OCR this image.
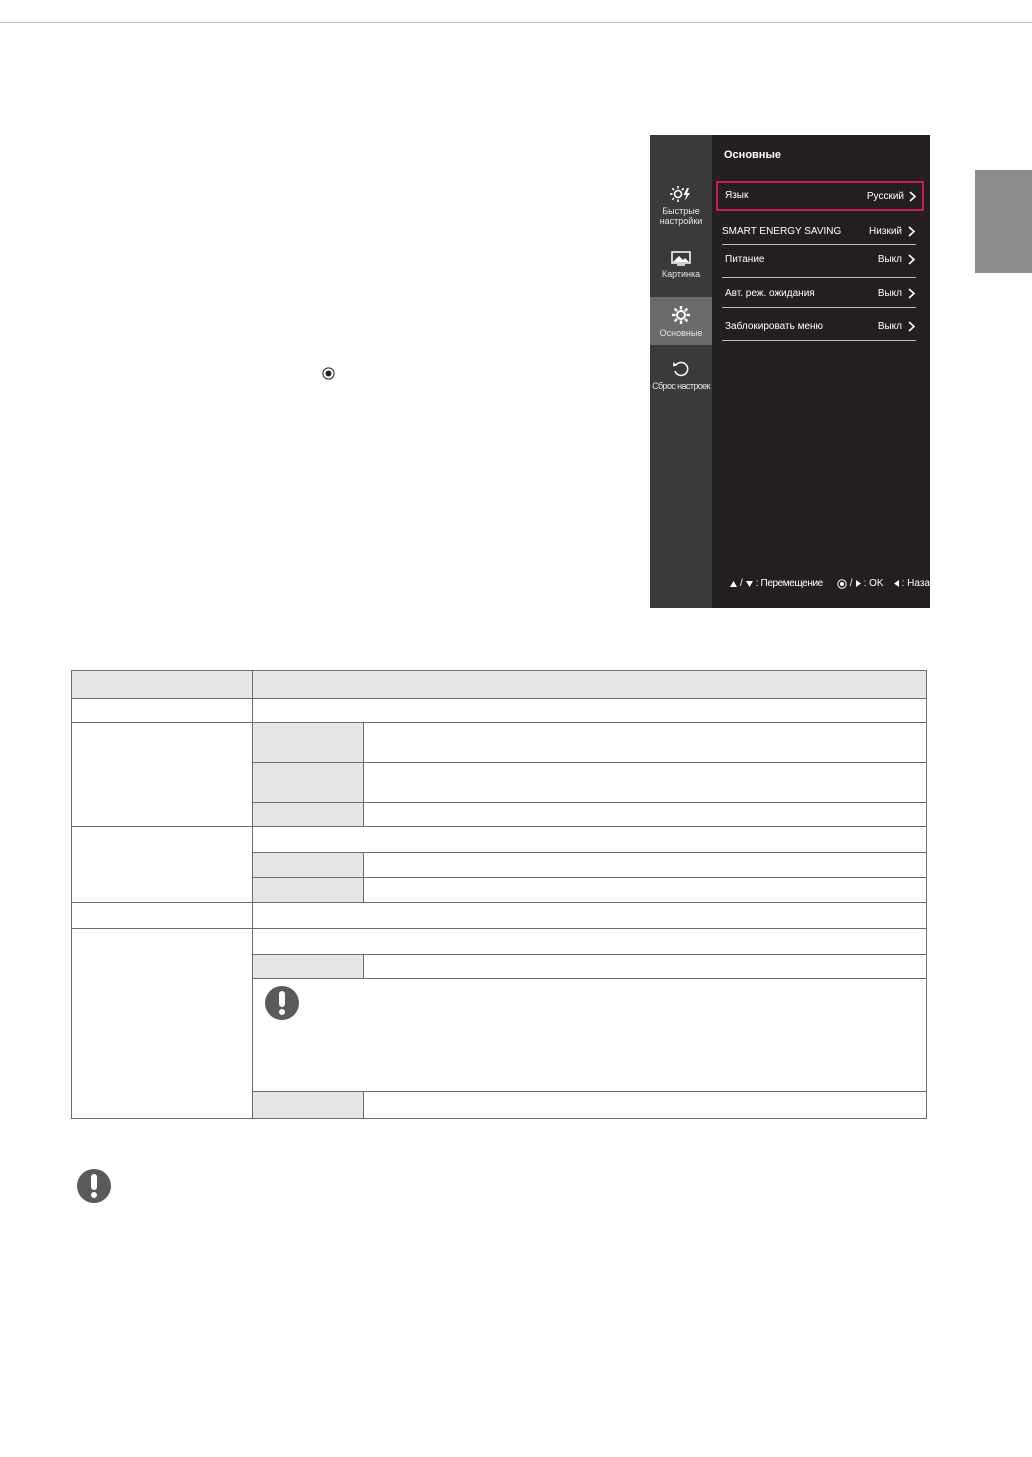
Быстрые настройки
Картинка
Основные
Сброс настроек
Основные
Язык	Русский
SMART ENERGY SAVING	Низкий
Питание	Выкл
Авт. реж. ожидания	Выкл
Заблокировать меню	Выкл
/ : Перемещение	/ : OK : Назад
